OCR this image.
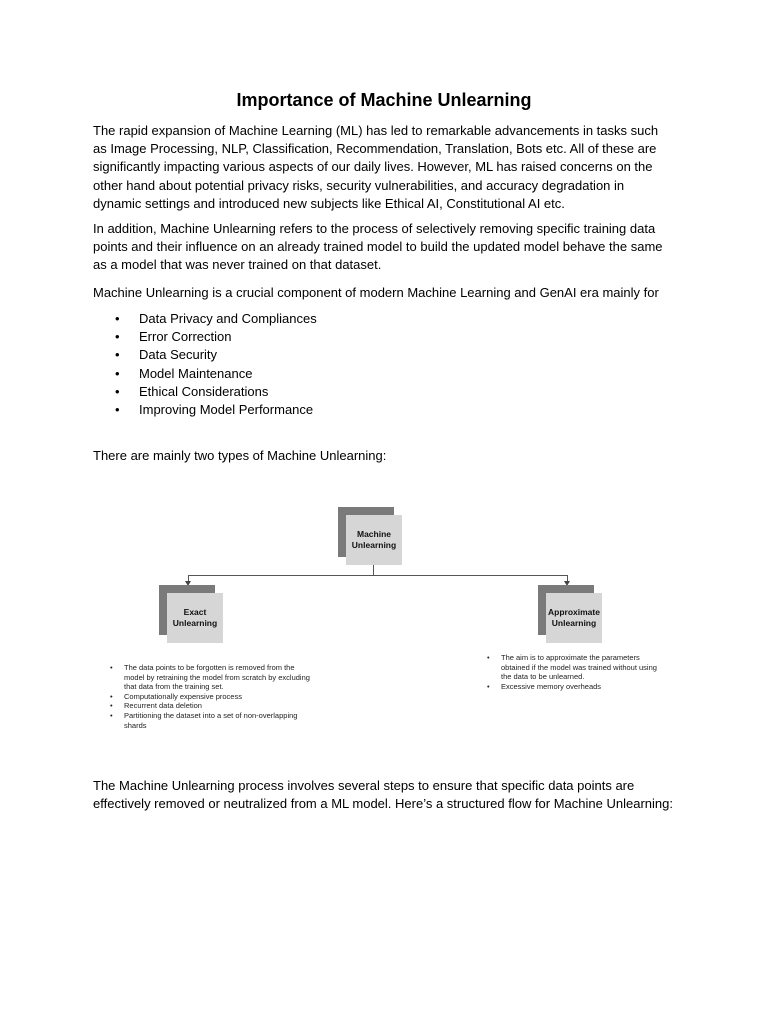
Importance of Machine Unlearning

The rapid expansion of Machine Learning (ML) has led to remarkable advancements in tasks such as Image Processing, NLP, Classification, Recommendation, Translation, Bots etc. All of these are significantly impacting various aspects of our daily lives. However, ML has raised concerns on the other hand about potential privacy risks, security vulnerabilities, and accuracy degradation in dynamic settings and introduced new subjects like Ethical AI, Constitutional AI etc.

In addition, Machine Unlearning refers to the process of selectively removing specific training data points and their influence on an already trained model to build the updated model behave the same as a model that was never trained on that dataset.

Machine Unlearning is a crucial component of modern Machine Learning and GenAI era mainly for

• Data Privacy and Compliances
• Error Correction
• Data Security
• Model Maintenance
• Ethical Considerations
• Improving Model Performance

There are mainly two types of Machine Unlearning:

Machine Unlearning
Exact Unlearning
Approximate Unlearning
• The data points to be forgotten is removed from the model by retraining the model from scratch by excluding that data from the training set.
• Computationally expensive process
• Recurrent data deletion
• Partitioning the dataset into a set of non-overlapping shards
• The aim is to approximate the parameters obtained if the model was trained without using the data to be unlearned.
• Excessive memory overheads

The Machine Unlearning process involves several steps to ensure that specific data points are effectively removed or neutralized from a ML model. Here’s a structured flow for Machine Unlearning:
